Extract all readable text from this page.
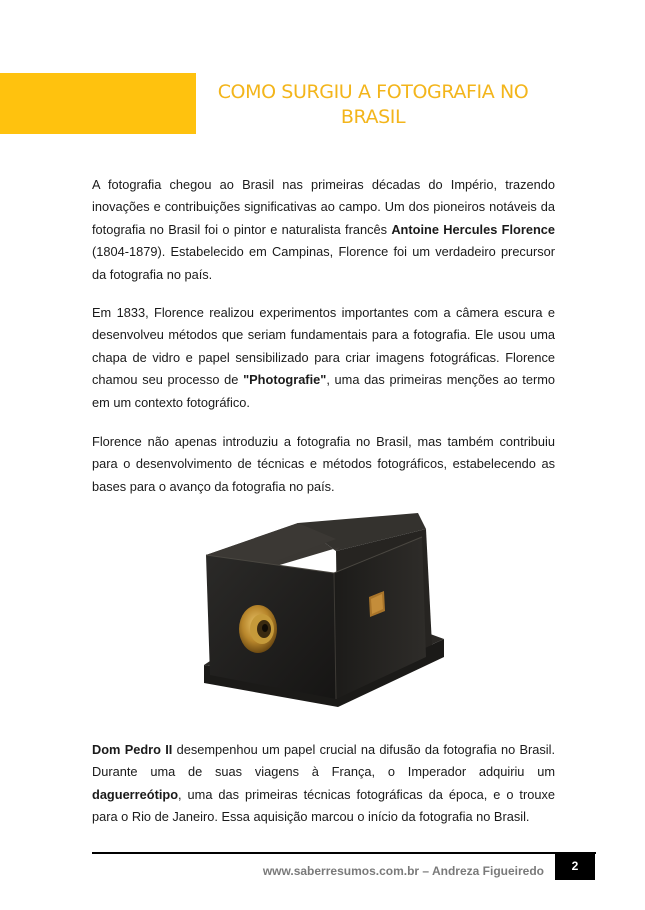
COMO SURGIU A FOTOGRAFIA NO
BRASIL

A fotografia chegou ao Brasil nas primeiras décadas do Império, trazendo inovações e contribuições significativas ao campo. Um dos pioneiros notáveis da fotografia no Brasil foi o pintor e naturalista francês Antoine Hercules Florence (1804-1879). Estabelecido em Campinas, Florence foi um verdadeiro precursor da fotografia no país.

Em 1833, Florence realizou experimentos importantes com a câmera escura e desenvolveu métodos que seriam fundamentais para a fotografia. Ele usou uma chapa de vidro e papel sensibilizado para criar imagens fotográficas. Florence chamou seu processo de "Photografie", uma das primeiras menções ao termo em um contexto fotográfico.

Florence não apenas introduziu a fotografia no Brasil, mas também contribuiu para o desenvolvimento de técnicas e métodos fotográficos, estabelecendo as bases para o avanço da fotografia no país.

Dom Pedro II desempenhou um papel crucial na difusão da fotografia no Brasil. Durante uma de suas viagens à França, o Imperador adquiriu um daguerreótipo, uma das primeiras técnicas fotográficas da época, e o trouxe para o Rio de Janeiro. Essa aquisição marcou o início da fotografia no Brasil.

www.saberresumos.com.br – Andreza Figueiredo	2
